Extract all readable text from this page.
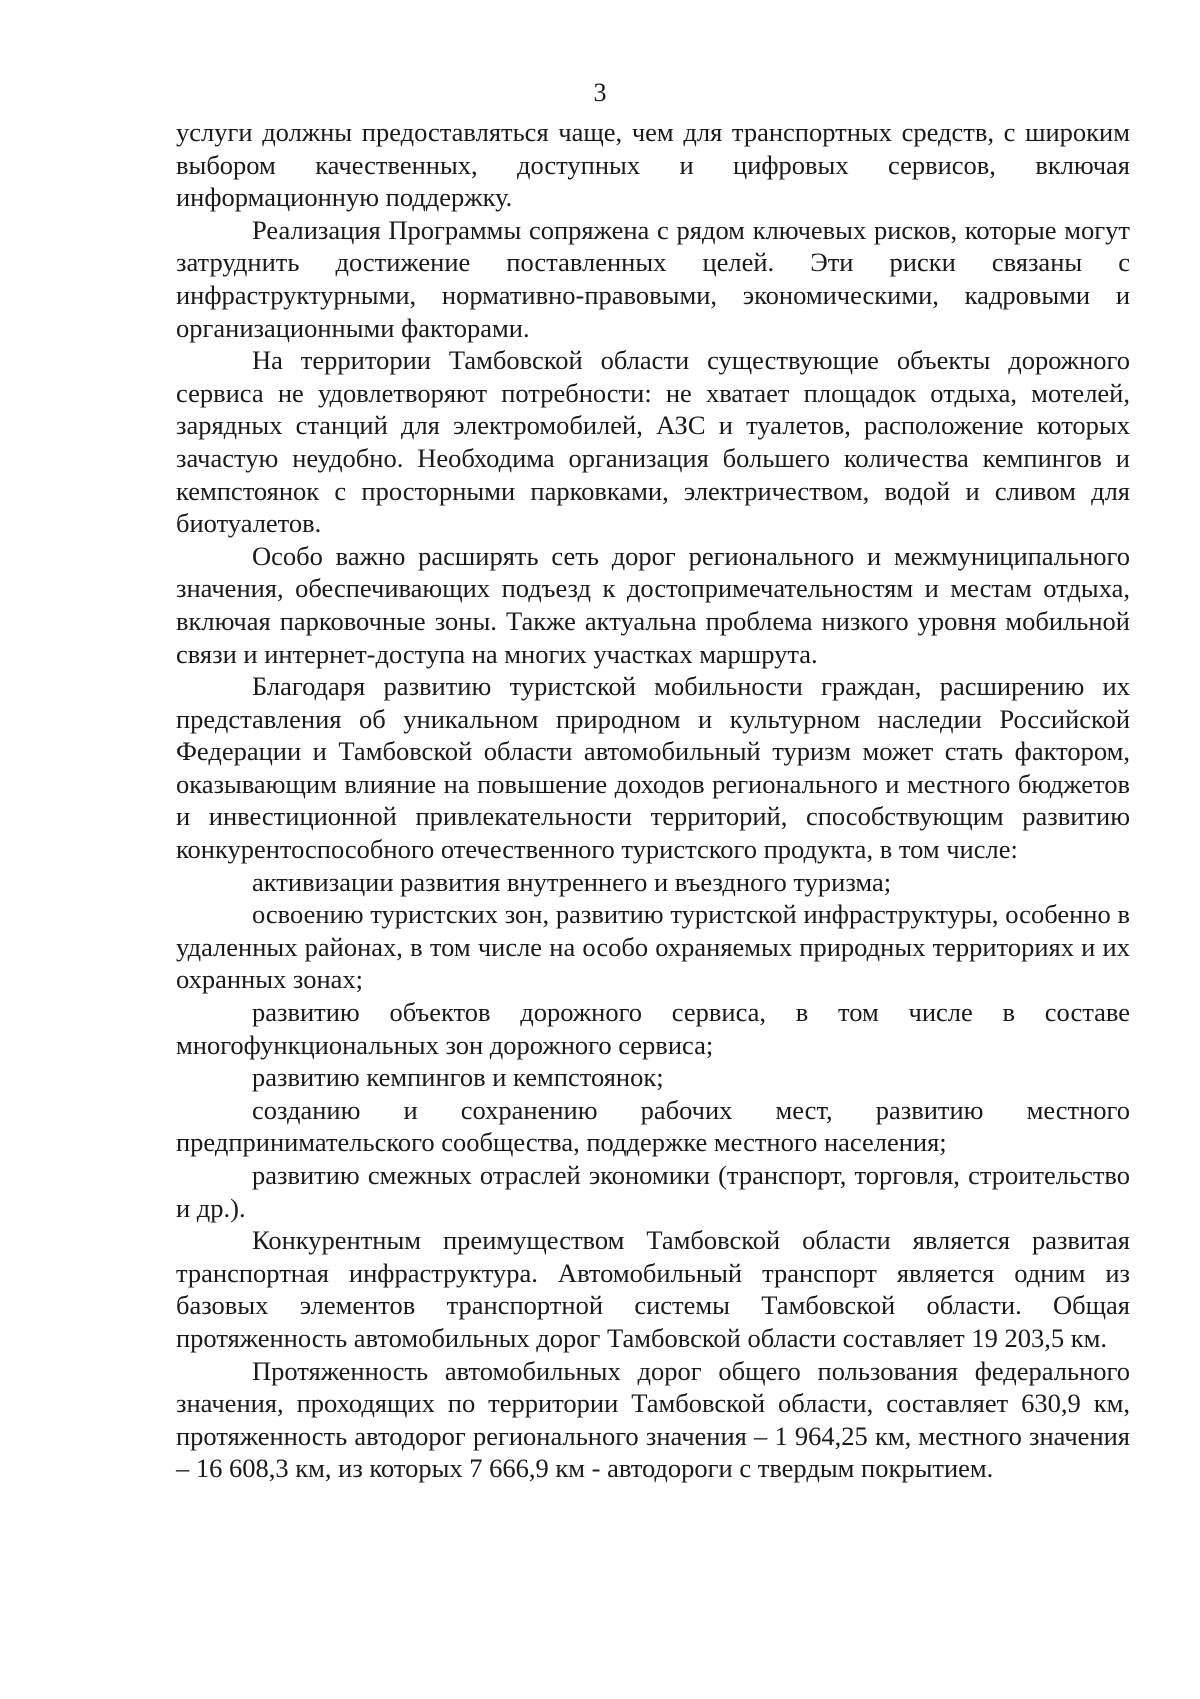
3

услуги должны предоставляться чаще, чем для транспортных средств, с широким выбором качественных, доступных и цифровых сервисов, включая информационную поддержку.

Реализация Программы сопряжена с рядом ключевых рисков, которые могут затруднить достижение поставленных целей. Эти риски связаны с инфраструктурными, нормативно-правовыми, экономическими, кадровыми и организационными факторами.

На территории Тамбовской области существующие объекты дорожного сервиса не удовлетворяют потребности: не хватает площадок отдыха, мотелей, зарядных станций для электромобилей, АЗС и туалетов, расположение которых зачастую неудобно. Необходима организация большего количества кемпингов и кемпстоянок с просторными парковками, электричеством, водой и сливом для биотуалетов.

Особо важно расширять сеть дорог регионального и межмуниципального значения, обеспечивающих подъезд к достопримечательностям и местам отдыха, включая парковочные зоны. Также актуальна проблема низкого уровня мобильной связи и интернет-доступа на многих участках маршрута.

Благодаря развитию туристской мобильности граждан, расширению их представления об уникальном природном и культурном наследии Российской Федерации и Тамбовской области автомобильный туризм может стать фактором, оказывающим влияние на повышение доходов регионального и местного бюджетов и инвестиционной привлекательности территорий, способствующим развитию конкурентоспособного отечественного туристского продукта, в том числе:

активизации развития внутреннего и въездного туризма;

освоению туристских зон, развитию туристской инфраструктуры, особенно в удаленных районах, в том числе на особо охраняемых природных территориях и их охранных зонах;

развитию объектов дорожного сервиса, в том числе в составе многофункциональных зон дорожного сервиса;

развитию кемпингов и кемпстоянок;

созданию и сохранению рабочих мест, развитию местного предпринимательского сообщества, поддержке местного населения;

развитию смежных отраслей экономики (транспорт, торговля, строительство и др.).

Конкурентным преимуществом Тамбовской области является развитая транспортная инфраструктура. Автомобильный транспорт является одним из базовых элементов транспортной системы Тамбовской области. Общая протяженность автомобильных дорог Тамбовской области составляет 19 203,5 км.

Протяженность автомобильных дорог общего пользования федерального значения, проходящих по территории Тамбовской области, составляет 630,9 км, протяженность автодорог регионального значения – 1 964,25 км, местного значения – 16 608,3 км, из которых 7 666,9 км - автодороги с твердым покрытием.
